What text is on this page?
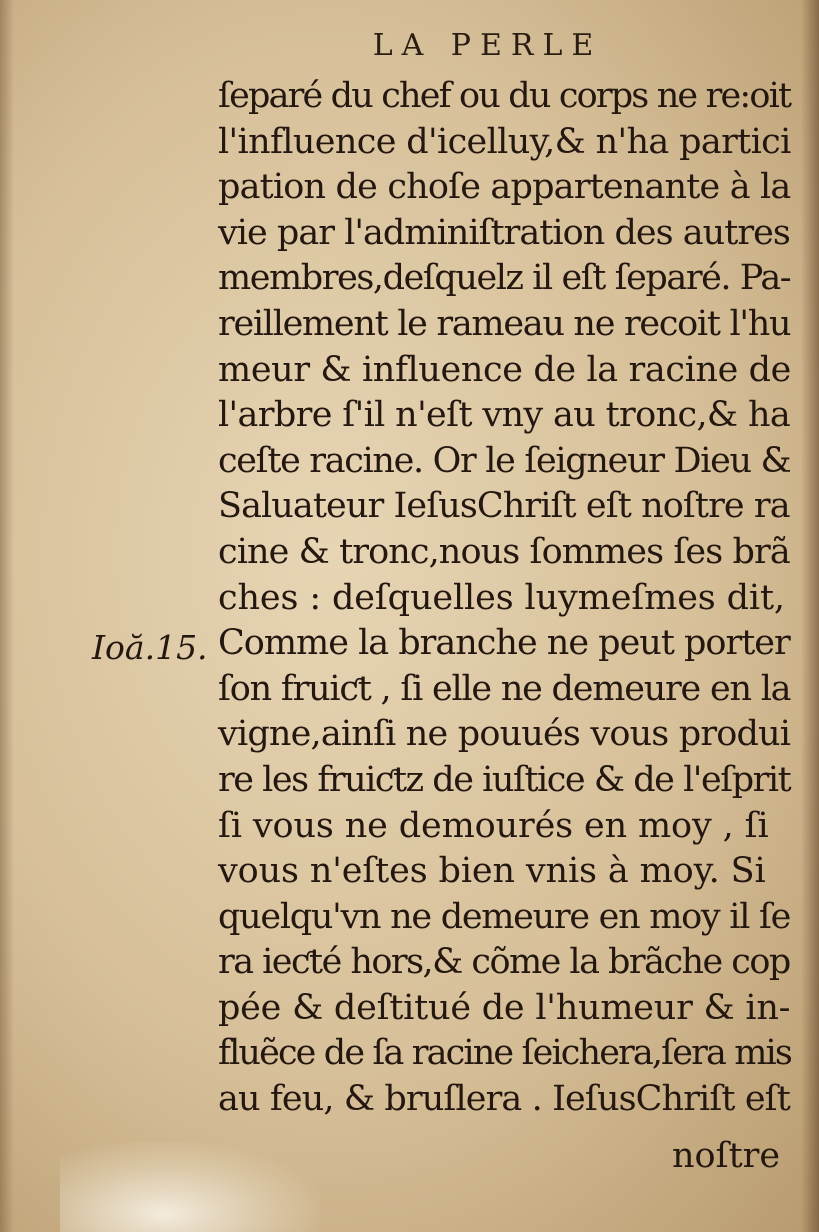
LA PERLE
Ioă.15.
ſeparé du chef ou du corps ne re:oit
l'influence d'icelluy,& n'ha partici
pation de choſe appartenante à la
vie par l'adminiſtration des autres
membres,deſquelz il eſt ſeparé. Pa-
reillement le rameau ne recoit l'hu
meur & influence de la racine de
l'arbre ſ'il n'eſt vny au tronc,& ha
ceſte racine. Or le ſeigneur Dieu &
Saluateur IeſusChriſt eſt noſtre ra
cine & tronc,nous ſommes ſes brã
ches : deſquelles luymeſmes dit,
Comme la branche ne peut porter
ſon fruiƈt , ſi elle ne demeure en la
vigne,ainſi ne pouués vous produi
re les fruiƈtz de iuſtice & de l'eſprit
ſi vous ne demourés en moy , ſi
vous n'eſtes bien vnis à moy. Si
quelqu'vn ne demeure en moy il ſe
ra ieƈté hors,& cõme la brãche cop
pée & deſtitué de l'humeur & in-
fluẽce de ſa racine ſeichera,ſera mis
au feu, & bruſlera . IeſusChriſt eſt
noſtre
